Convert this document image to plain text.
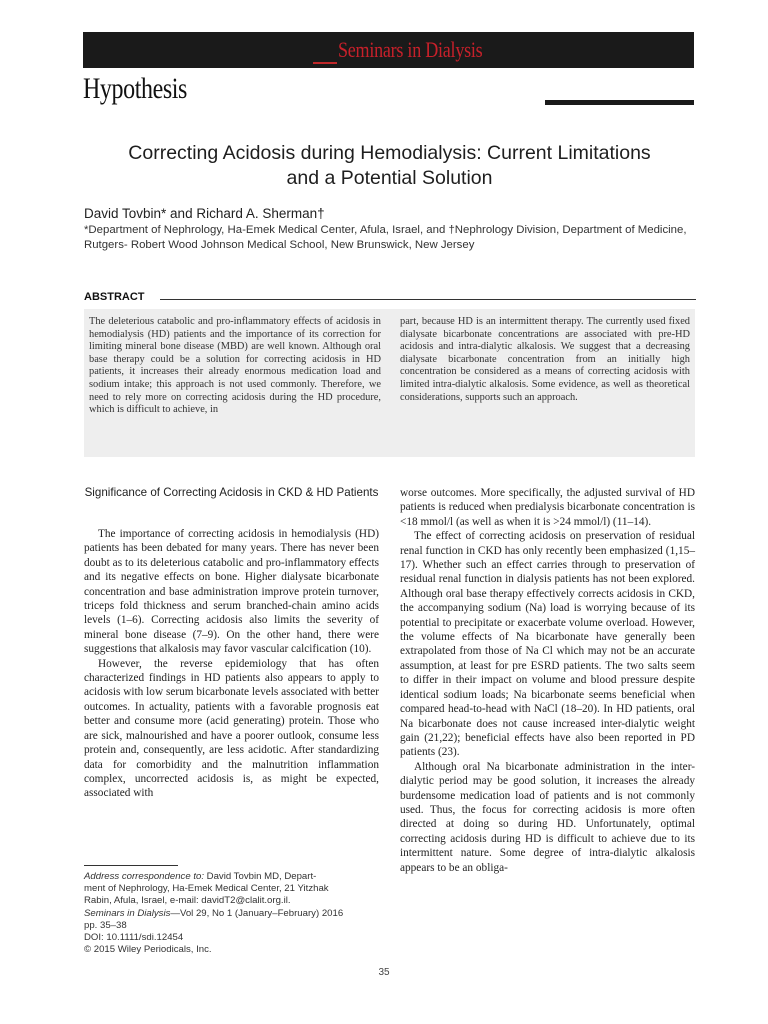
Seminars in Dialysis
Hypothesis
Correcting Acidosis during Hemodialysis: Current Limitations
and a Potential Solution
David Tovbin* and Richard A. Sherman†
*Department of Nephrology, Ha-Emek Medical Center, Afula, Israel, and †Nephrology Division, Department of Medicine, Rutgers- Robert Wood Johnson Medical School, New Brunswick, New Jersey
ABSTRACT
The deleterious catabolic and pro-inflammatory effects of acidosis in hemodialysis (HD) patients and the importance of its correction for limiting mineral bone disease (MBD) are well known. Although oral base therapy could be a solution for correcting acidosis in HD patients, it increases their already enormous medication load and sodium intake; this approach is not used commonly. Therefore, we need to rely more on correcting acidosis during the HD procedure, which is difficult to achieve, in
part, because HD is an intermittent therapy. The currently used fixed dialysate bicarbonate concentrations are associated with pre-HD acidosis and intra-dialytic alkalosis. We suggest that a decreasing dialysate bicarbonate concentration from an initially high concentration be considered as a means of correcting acidosis with limited intra-dialytic alkalosis. Some evidence, as well as theoretical considerations, supports such an approach.
Significance of Correcting Acidosis in CKD & HD Patients

The importance of correcting acidosis in hemodialysis (HD) patients has been debated for many years. There has never been doubt as to its deleterious catabolic and pro-inflammatory effects and its negative effects on bone. Higher dialysate bicarbonate concentration and base administration improve protein turnover, triceps fold thickness and serum branched-chain amino acids levels (1–6). Correcting acidosis also limits the severity of mineral bone disease (7–9). On the other hand, there were suggestions that alkalosis may favor vascular calcification (10).

However, the reverse epidemiology that has often characterized findings in HD patients also appears to apply to acidosis with low serum bicarbonate levels associated with better outcomes. In actuality, patients with a favorable prognosis eat better and consume more (acid generating) protein. Those who are sick, malnourished and have a poorer outlook, consume less protein and, consequently, are less acidotic. After standardizing data for comorbidity and the malnutrition inflammation complex, uncorrected acidosis is, as might be expected, associated with

worse outcomes. More specifically, the adjusted survival of HD patients is reduced when predialysis bicarbonate concentration is <18 mmol/l (as well as when it is >24 mmol/l) (11–14).

The effect of correcting acidosis on preservation of residual renal function in CKD has only recently been emphasized (1,15–17). Whether such an effect carries through to preservation of residual renal function in dialysis patients has not been explored. Although oral base therapy effectively corrects acidosis in CKD, the accompanying sodium (Na) load is worrying because of its potential to precipitate or exacerbate volume overload. However, the volume effects of Na bicarbonate have generally been extrapolated from those of Na Cl which may not be an accurate assumption, at least for pre ESRD patients. The two salts seem to differ in their impact on volume and blood pressure despite identical sodium loads; Na bicarbonate seems beneficial when compared head-to-head with NaCl (18–20). In HD patients, oral Na bicarbonate does not cause increased inter-dialytic weight gain (21,22); beneficial effects have also been reported in PD patients (23).

Although oral Na bicarbonate administration in the inter-dialytic period may be good solution, it increases the already burdensome medication load of patients and is not commonly used. Thus, the focus for correcting acidosis is more often directed at doing so during HD. Unfortunately, optimal correcting acidosis during HD is difficult to achieve due to its intermittent nature. Some degree of intra-dialytic alkalosis appears to be an obliga-

Address correspondence to: David Tovbin MD, Depart-
ment of Nephrology, Ha-Emek Medical Center, 21 Yitzhak
Rabin, Afula, Israel, e-mail: davidT2@clalit.org.il.
Seminars in Dialysis—Vol 29, No 1 (January–February) 2016
pp. 35–38
DOI: 10.1111/sdi.12454
© 2015 Wiley Periodicals, Inc.
35
